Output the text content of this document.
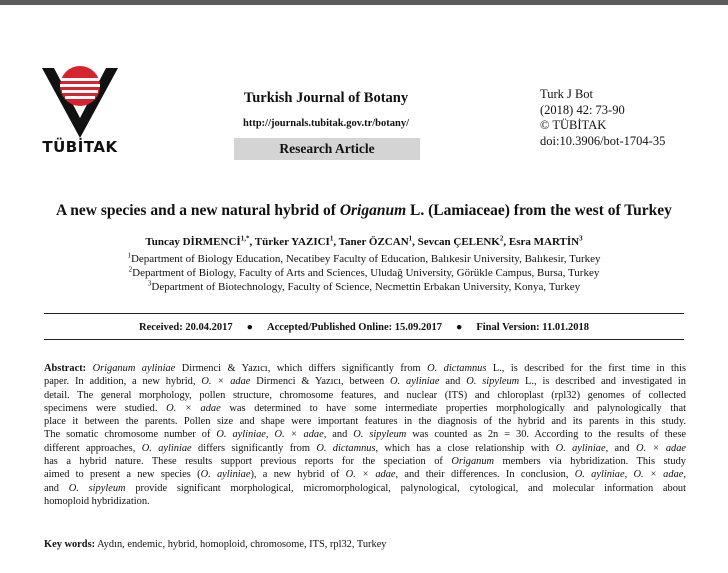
TÜBİTAK
Turkish Journal of Botany
http://journals.tubitak.gov.tr/botany/
Research Article
Turk J Bot
(2018) 42: 73-90
© TÜBİTAK
doi:10.3906/bot-1704-35
A new species and a new natural hybrid of Origanum L. (Lamiaceae) from the west of Turkey
Tuncay $DİRMENCİ^{1,*}$, Türker YAZICI$^1$, Taner ÖZCAN$^1$, Sevcan ÇELENK$^2$, Esra MARTİN$^3$
$^1$Department of Biology Education, Necatibey Faculty of Education, Balıkesir University, Balıkesir, Turkey
$^2$Department of Biology, Faculty of Arts and Sciences, Uludağ University, Görükle Campus, Bursa, Turkey
$^3$Department of Biotechnology, Faculty of Science, Necmettin Erbakan University, Konya, Turkey
Received: 20.04.2017 ● Accepted/Published Online: 15.09.2017 ● Final Version: 11.01.2018
Abstract: Origanum ayliniae Dirmenci & Yazıcı, which differs significantly from O. dictamnus L., is described for the first time in this
paper. In addition, a new hybrid, O. × adae Dirmenci & Yazıcı, between O. ayliniae and O. sipyleum L., is described and investigated in
detail. The general morphology, pollen structure, chromosome features, and nuclear (ITS) and chloroplast (rpl32) genomes of collected
specimens were studied. O. × adae was determined to have some intermediate properties morphologically and palynologically that
place it between the parents. Pollen size and shape were important features in the diagnosis of the hybrid and its parents in this study.
The somatic chromosome number of O. ayliniae, O. × adae, and O. sipyleum was counted as 2n = 30. According to the results of these
different approaches, O. ayliniae differs significantly from O. dictamnus, which has a close relationship with O. ayliniae, and O. × adae
has a hybrid nature. These results support previous reports for the speciation of Origanum members via hybridization. This study
aimed to present a new species (O. ayliniae), a new hybrid of O. × adae, and their differences. In conclusion, O. ayliniae, O. × adae,
and O. sipyleum provide significant morphological, micromorphological, palynological, cytological, and molecular information about
homoploid hybridization.
Key words: Aydın, endemic, hybrid, homoploid, chromosome, ITS, rpl32, Turkey
